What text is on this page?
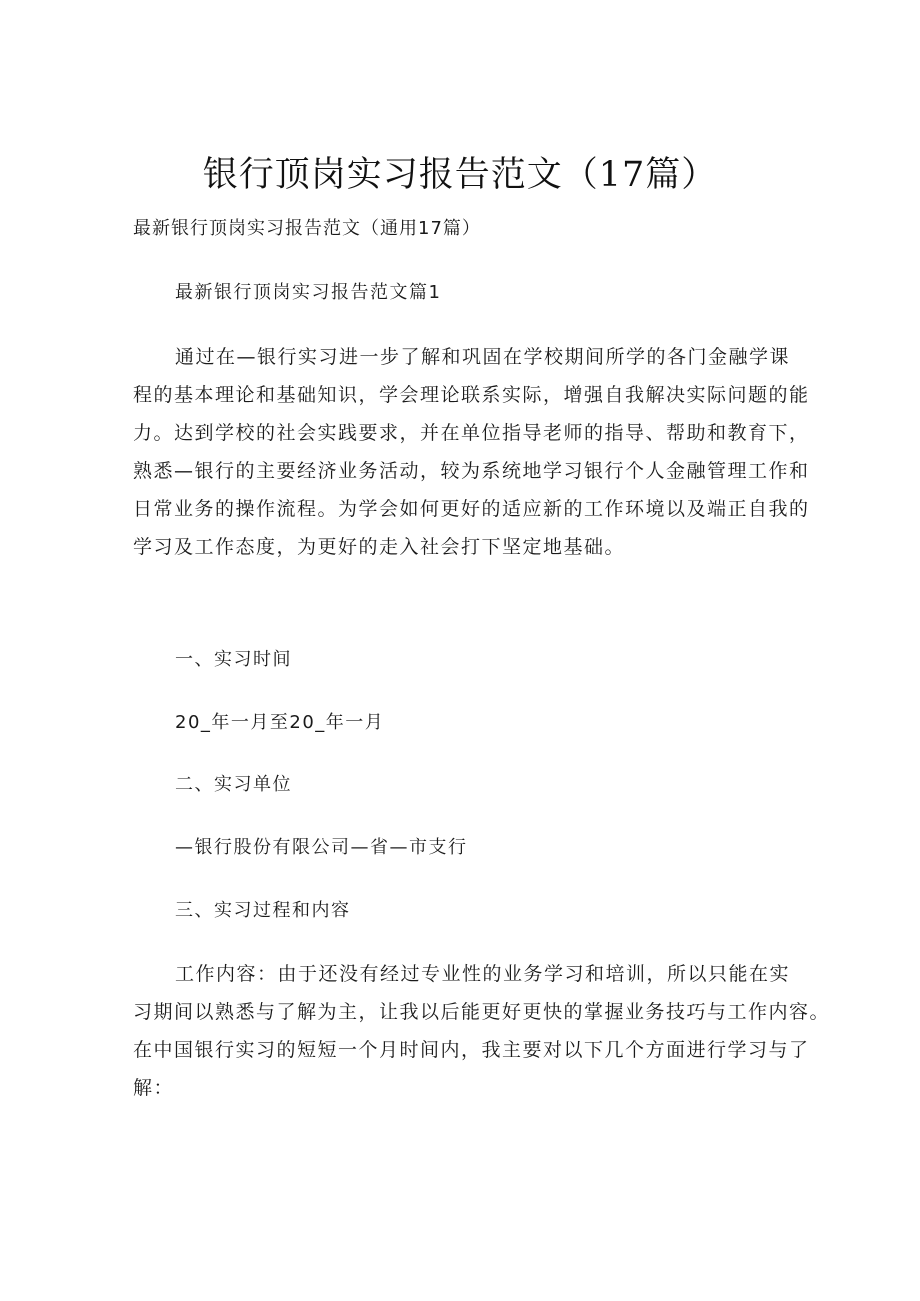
银行顶岗实习报告范文（17篇）
最新银行顶岗实习报告范文（通用17篇）
最新银行顶岗实习报告范文篇1
通过在—银行实习进一步了解和巩固在学校期间所学的各门金融学课
程的基本理论和基础知识，学会理论联系实际，增强自我解决实际问题的能
力。达到学校的社会实践要求，并在单位指导老师的指导、帮助和教育下，
熟悉—银行的主要经济业务活动，较为系统地学习银行个人金融管理工作和
日常业务的操作流程。为学会如何更好的适应新的工作环境以及端正自我的
学习及工作态度，为更好的走入社会打下坚定地基础。
一、实习时间
20_年一月至20_年一月
二、实习单位
—银行股份有限公司—省—市支行
三、实习过程和内容
工作内容：由于还没有经过专业性的业务学习和培训，所以只能在实
习期间以熟悉与了解为主，让我以后能更好更快的掌握业务技巧与工作内容。
在中国银行实习的短短一个月时间内，我主要对以下几个方面进行学习与了
解：
